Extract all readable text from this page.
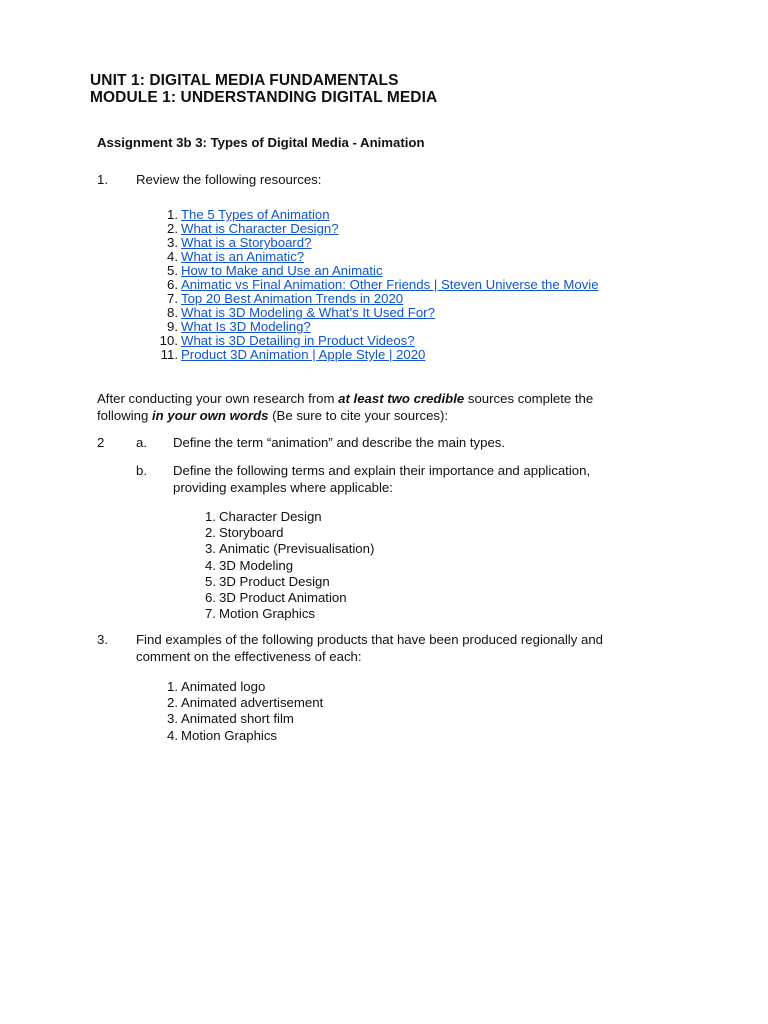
UNIT 1: DIGITAL MEDIA FUNDAMENTALS
MODULE 1: UNDERSTANDING DIGITAL MEDIA
Assignment 3b 3: Types of Digital Media - Animation
1. Review the following resources:
1. The 5 Types of Animation
2. What is Character Design?
3. What is a Storyboard?
4. What is an Animatic?
5. How to Make and Use an Animatic
6. Animatic vs Final Animation: Other Friends | Steven Universe the Movie
7. Top 20 Best Animation Trends in 2020
8. What is 3D Modeling & What's It Used For?
9. What Is 3D Modeling?
10. What is 3D Detailing in Product Videos?
11. Product 3D Animation | Apple Style | 2020
After conducting your own research from at least two credible sources complete the
following in your own words (Be sure to cite your sources):
2 a. Define the term “animation” and describe the main types.
b. Define the following terms and explain their importance and application,
providing examples where applicable:
1. Character Design
2. Storyboard
3. Animatic (Previsualisation)
4. 3D Modeling
5. 3D Product Design
6. 3D Product Animation
7. Motion Graphics
3. Find examples of the following products that have been produced regionally and
comment on the effectiveness of each:
1. Animated logo
2. Animated advertisement
3. Animated short film
4. Motion Graphics
